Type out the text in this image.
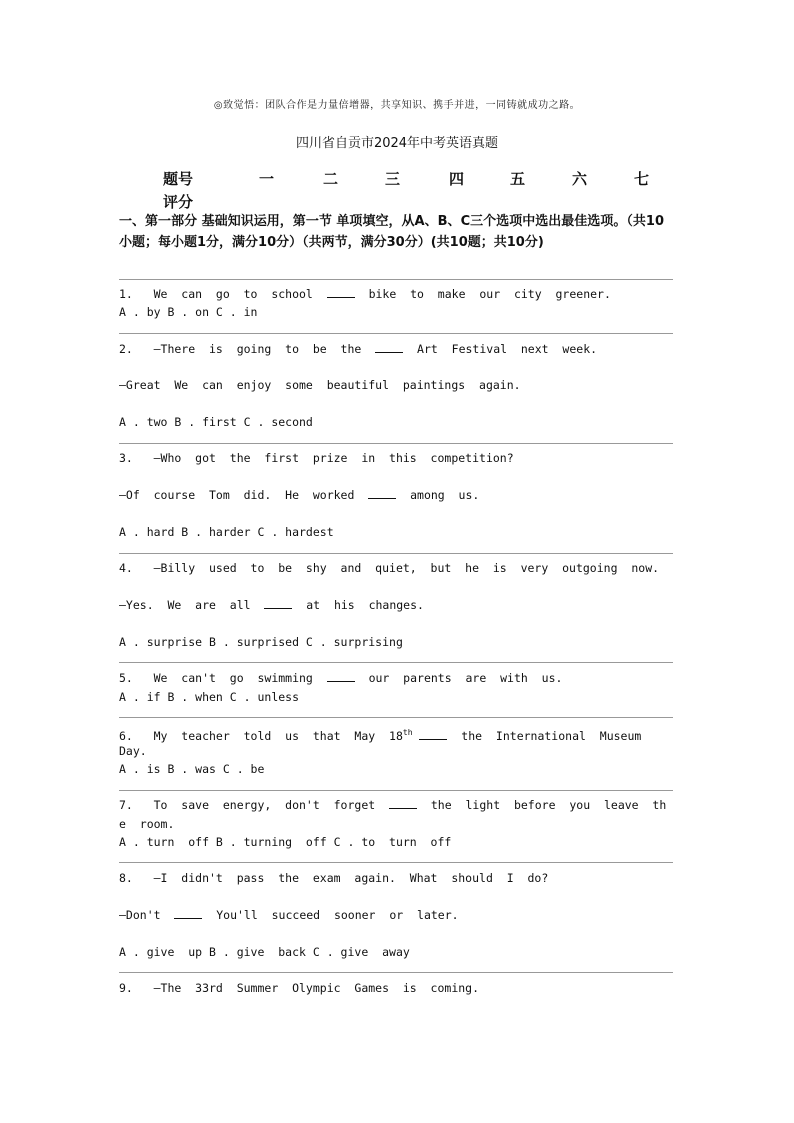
◎致觉悟：团队合作是力量倍增器，共享知识、携手并进，一同铸就成功之路。
四川省自贡市2024年中考英语真题
题号	一	二	三	四	五	六	七
评分
一、第一部分 基础知识运用，第一节 单项填空，从A、B、C三个选项中选出最佳选项。（共10小题；每小题1分，满分10分）（共两节，满分30分）(共10题；共10分)
1.   We  can  go  to  school    bike  to  make  our  city  greener.
A . by B . on C . in
2.   —There  is  going  to  be  the    Art  Festival  next  week.
—Great  We  can  enjoy  some  beautiful  paintings  again.
A . two B . first C . second
3.   —Who  got  the  first  prize  in  this  competition?
—Of  course  Tom  did.  He  worked    among  us.
A . hard B . harder C . hardest
4.   —Billy  used  to  be  shy  and  quiet,  but  he  is  very  outgoing  now.
—Yes.  We  are  all    at  his  changes.
A . surprise B . surprised C . surprising
5.   We  can't  go  swimming    our  parents  are  with  us.
A . if B . when C . unless
6.   My  teacher  told  us  that  May  18th	the  International  Museum
Day.
A . is B . was C . be
7.   To  save  energy,  don't  forget    the  light  before  you  leave  th
e  room.
A . turn  off B . turning  off C . to  turn  off
8.   —I  didn't  pass  the  exam  again.  What  should  I  do?
—Don't    You'll  succeed  sooner  or  later.
A . give  up B . give  back C . give  away
9.   —The  33rd  Summer  Olympic  Games  is  coming.
